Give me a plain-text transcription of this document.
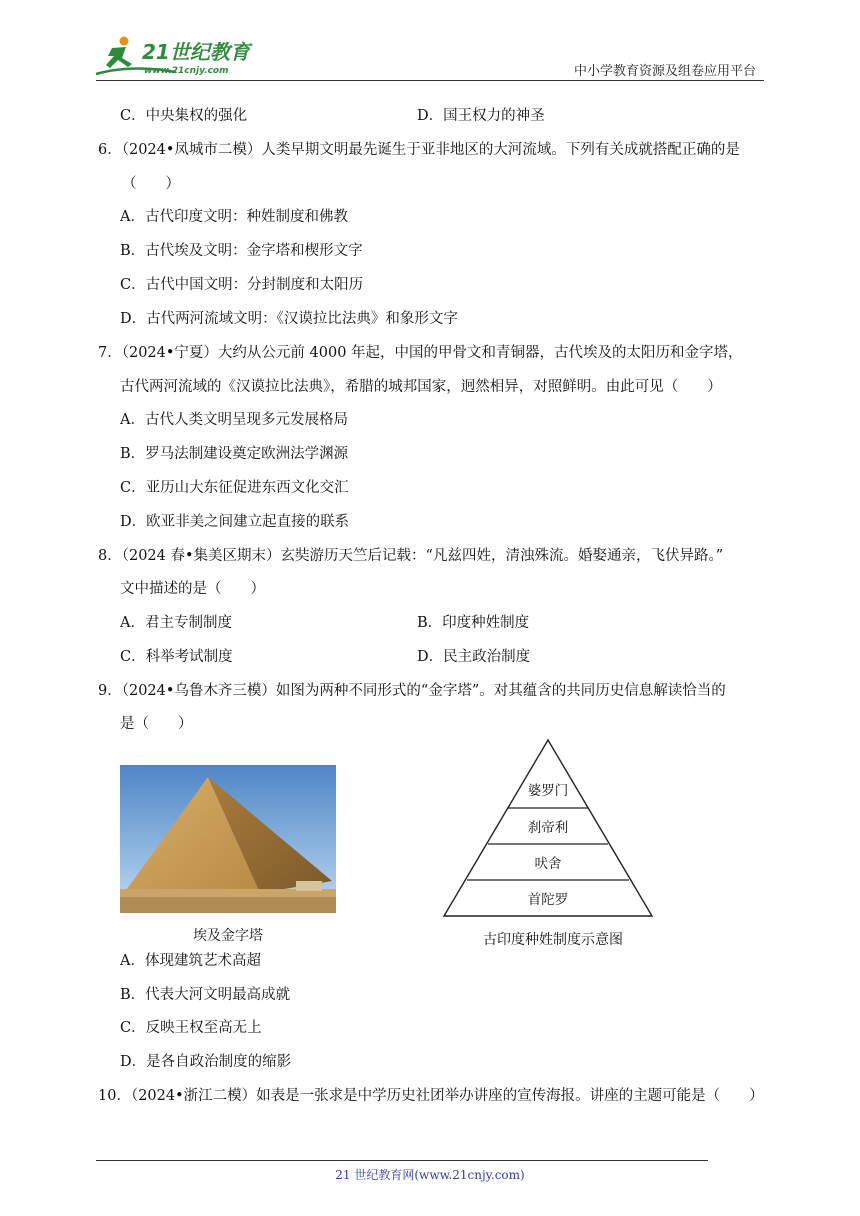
21世纪教育
www.21cnjy.com	中小学教育资源及组卷应用平台
C．中央集权的强化	D．国王权力的神圣
6．（2024•凤城市二模）人类早期文明最先诞生于亚非地区的大河流域。下列有关成就搭配正确的是
（　　）
A．古代印度文明：种姓制度和佛教
B．古代埃及文明：金字塔和楔形文字
C．古代中国文明：分封制度和太阳历
D．古代两河流域文明：《汉谟拉比法典》和象形文字
7．（2024•宁夏）大约从公元前 4000 年起，中国的甲骨文和青铜器，古代埃及的太阳历和金字塔，
古代两河流域的《汉谟拉比法典》，希腊的城邦国家，迥然相异，对照鲜明。由此可见（　　）
A．古代人类文明呈现多元发展格局
B．罗马法制建设奠定欧洲法学渊源
C．亚历山大东征促进东西文化交汇
D．欧亚非美之间建立起直接的联系
8．（2024 春•集美区期末）玄奘游历天竺后记载：“凡兹四姓，清浊殊流。婚娶通亲，飞伏异路。”
文中描述的是（　　）
A．君主专制制度	B．印度种姓制度
C．科举考试制度	D．民主政治制度
9．（2024•乌鲁木齐三模）如图为两种不同形式的“金字塔”。对其蕴含的共同历史信息解读恰当的
是（　　）
埃及金字塔
婆罗门
刹帝利
吠舍
首陀罗
古印度种姓制度示意图
A．体现建筑艺术高超
B．代表大河文明最高成就
C．反映王权至高无上
D．是各自政治制度的缩影
10．（2024•浙江二模）如表是一张求是中学历史社团举办讲座的宣传海报。讲座的主题可能是（　　）
21 世纪教育网(www.21cnjy.com)
